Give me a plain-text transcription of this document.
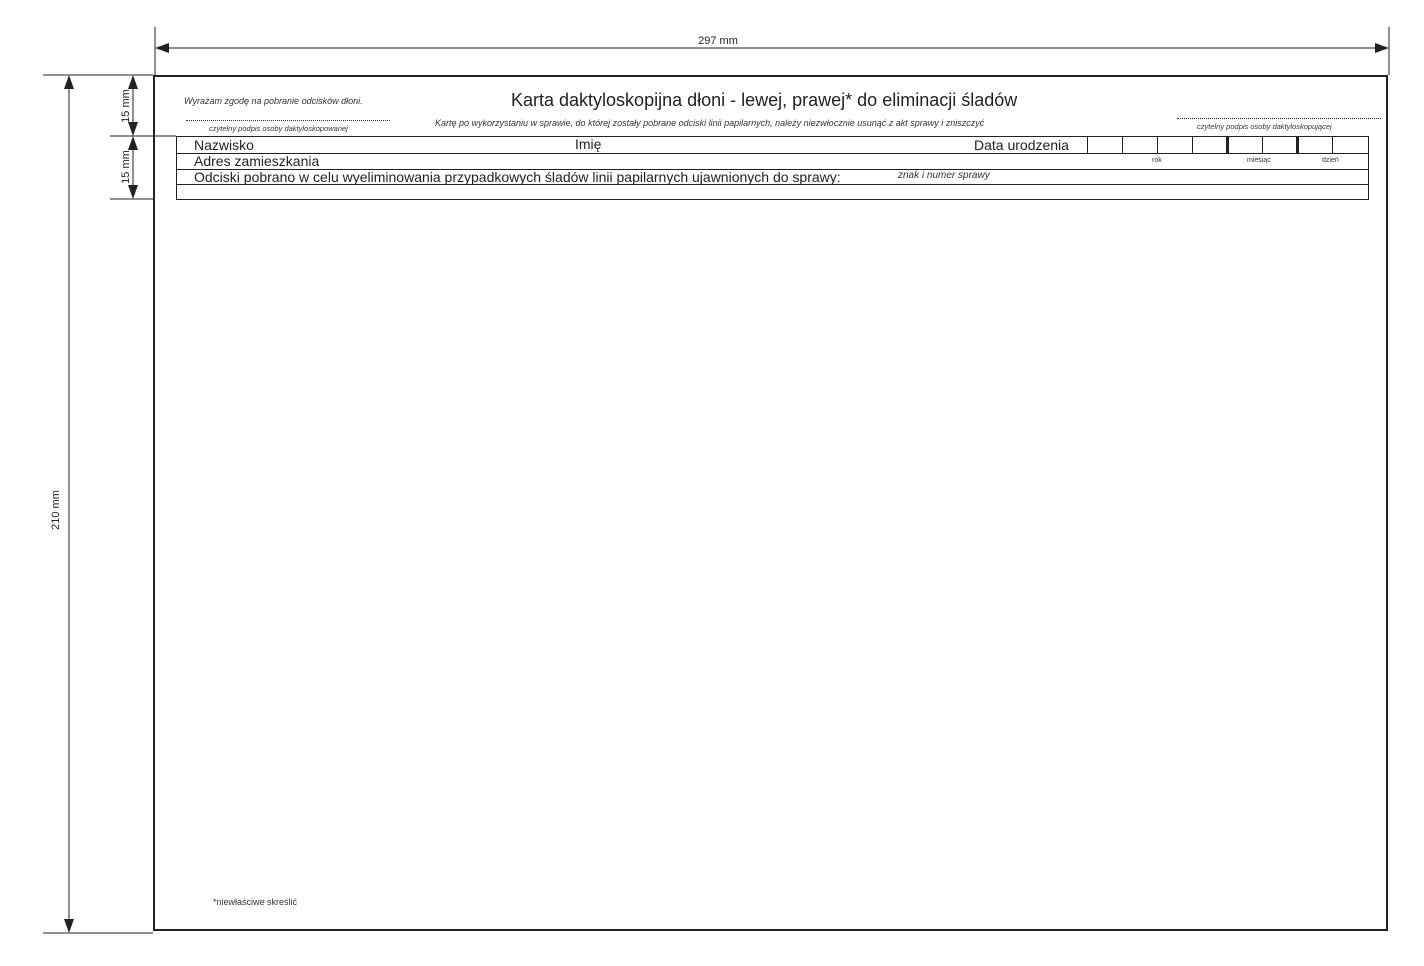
297 mm
210 mm
15 mm
15 mm
Wyrażam zgodę na pobranie odcisków dłoni.
czytelny podpis osoby daktyloskopowanej
Karta daktyloskopijna dłoni - lewej, prawej* do eliminacji śladów
Kartę po wykorzystaniu w sprawie, do której zostały pobrane odciski linii papilarnych, należy niezwłocznie usunąć z akt sprawy i zniszczyć	czytelny podpis osoby daktyloskopującej
Nazwisko	Imię	Data urodzenia
Adres zamieszkania	rok	miesiąc	dzień
Odciski pobrano w celu wyeliminowania przypadkowych śladów linii papilarnych ujawnionych do sprawy:	znak i numer sprawy
*niewłaściwe skreślić
